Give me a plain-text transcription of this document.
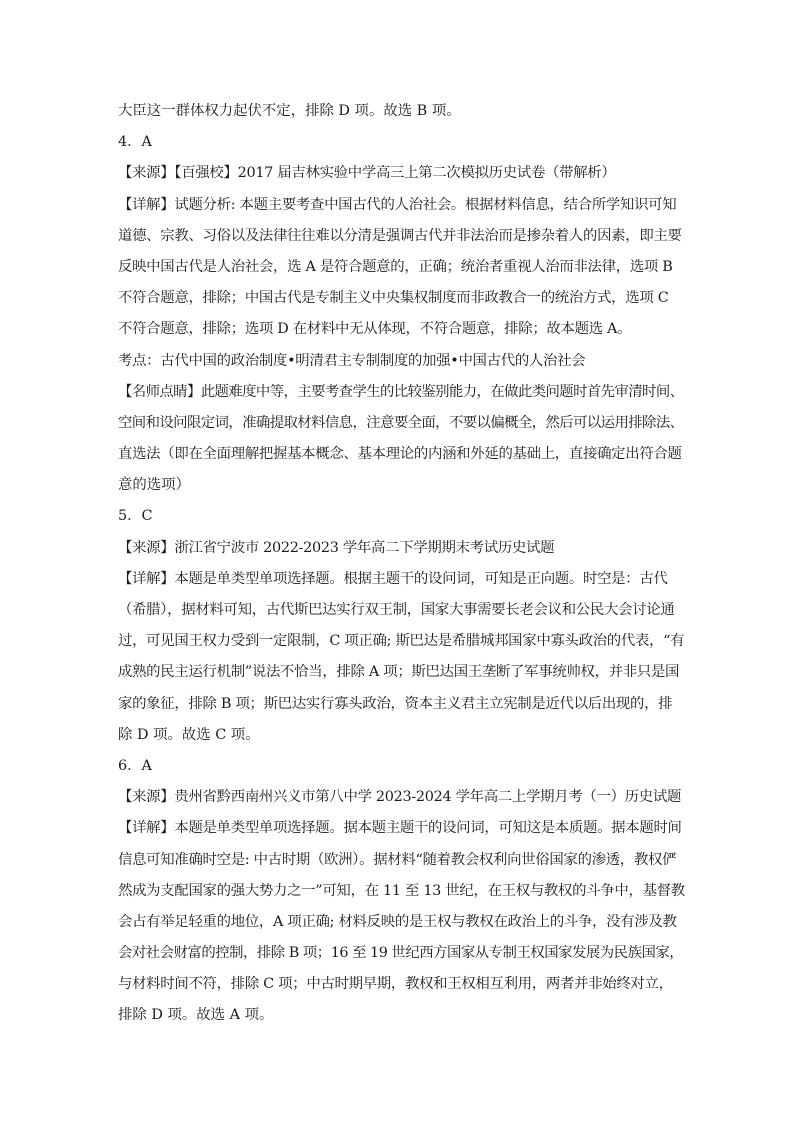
大臣这一群体权力起伏不定，排除 D 项。故选 B 项。
4．A
【来源】【百强校】2017 届吉林实验中学高三上第二次模拟历史试卷（带解析）
【详解】试题分析: 本题主要考查中国古代的人治社会。根据材料信息，结合所学知识可知
道德、宗教、习俗以及法律往往难以分清是强调古代并非法治而是掺杂着人的因素，即主要
反映中国古代是人治社会，选 A 是符合题意的，正确；统治者重视人治而非法律，选项 B
不符合题意，排除；中国古代是专制主义中央集权制度而非政教合一的统治方式，选项 C
不符合题意，排除；选项 D 在材料中无从体现，不符合题意，排除；故本题选 A。
考点：古代中国的政治制度•明清君主专制制度的加强•中国古代的人治社会
【名师点睛】此题难度中等，主要考查学生的比较鉴别能力，在做此类问题时首先审清时间、
空间和设问限定词，准确提取材料信息，注意要全面，不要以偏概全，然后可以运用排除法、
直选法（即在全面理解把握基本概念、基本理论的内涵和外延的基础上，直接确定出符合题
意的选项）
5．C
【来源】浙江省宁波市 2022-2023 学年高二下学期期末考试历史试题
【详解】本题是单类型单项选择题。根据主题干的设问词，可知是正向题。时空是：古代
（希腊），据材料可知，古代斯巴达实行双王制，国家大事需要长老会议和公民大会讨论通
过，可见国王权力受到一定限制，C 项正确; 斯巴达是希腊城邦国家中寡头政治的代表，“有
成熟的民主运行机制”说法不恰当，排除 A 项；斯巴达国王垄断了军事统帅权，并非只是国
家的象征，排除 B 项；斯巴达实行寡头政治，资本主义君主立宪制是近代以后出现的，排
除 D 项。故选 C 项。
6．A
【来源】贵州省黔西南州兴义市第八中学 2023-2024 学年高二上学期月考（一）历史试题
【详解】本题是单类型单项选择题。据本题主题干的设问词，可知这是本质题。据本题时间
信息可知准确时空是: 中古时期（欧洲）。据材料“随着教会权利向世俗国家的渗透，教权俨
然成为支配国家的强大势力之一”可知，在 11 至 13 世纪，在王权与教权的斗争中，基督教
会占有举足轻重的地位，A 项正确; 材料反映的是王权与教权在政治上的斗争，没有涉及教
会对社会财富的控制，排除 B 项；16 至 19 世纪西方国家从专制王权国家发展为民族国家，
与材料时间不符，排除 C 项；中古时期早期，教权和王权相互利用，两者并非始终对立，
排除 D 项。故选 A 项。
